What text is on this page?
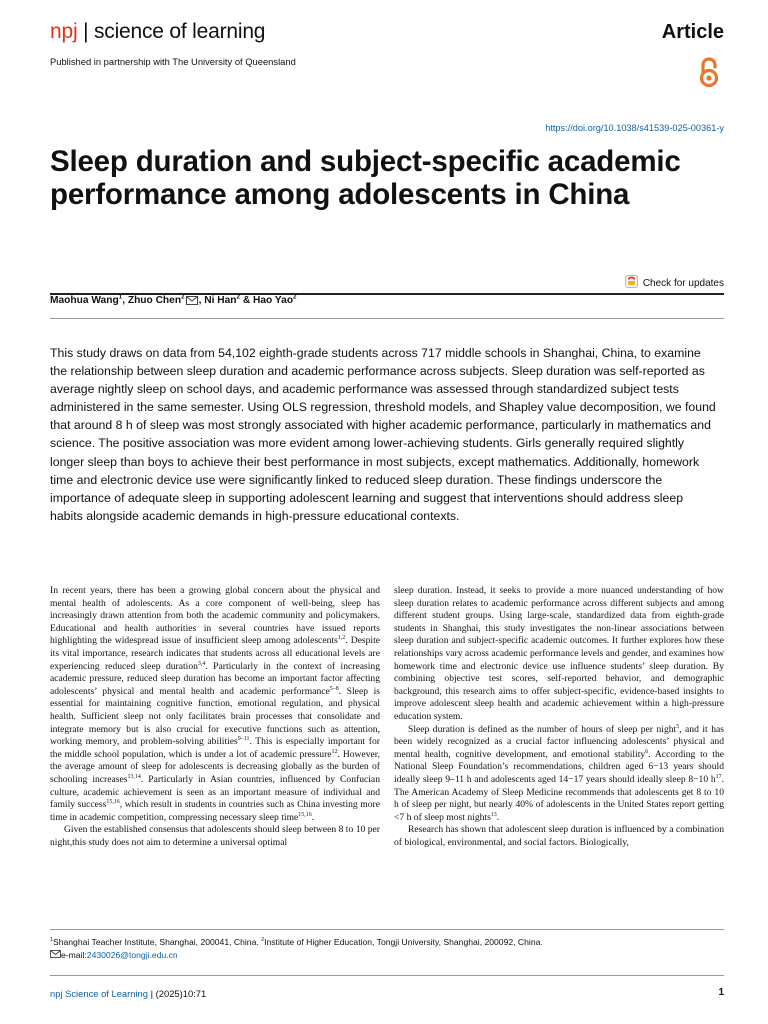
npj | science of learning	Article
Published in partnership with The University of Queensland
https://doi.org/10.1038/s41539-025-00361-y
Sleep duration and subject-specific academic performance among adolescents in China
Check for updates
Maohua Wang$^1$, Zhuo Chen$^2$ , Ni Han$^2$ & Hao Yao$^2$

This study draws on data from 54,102 eighth-grade students across 717 middle schools in Shanghai, China, to examine the relationship between sleep duration and academic performance across subjects. Sleep duration was self-reported as average nightly sleep on school days, and academic performance was assessed through standardized subject tests administered in the same semester. Using OLS regression, threshold models, and Shapley value decomposition, we found that around 8 h of sleep was most strongly associated with higher academic performance, particularly in mathematics and science. The positive association was more evident among lower-achieving students. Girls generally required slightly longer sleep than boys to achieve their best performance in most subjects, except mathematics. Additionally, homework time and electronic device use were significantly linked to reduced sleep duration. These findings underscore the importance of adequate sleep in supporting adolescent learning and suggest that interventions should address sleep habits alongside academic demands in high-pressure educational contexts.

In recent years, there has been a growing global concern about the physical and mental health of adolescents. As a core component of well-being, sleep has increasingly drawn attention from both the academic community and policymakers. Educational and health authorities in several countries have issued reports highlighting the widespread issue of insufficient sleep among adolescents$^{1,2}$. Despite its vital importance, research indicates that students across all educational levels are experiencing reduced sleep duration$^{3,4}$. Particularly in the context of increasing academic pressure, reduced sleep duration has become an important factor affecting adolescents’ physical and mental health and academic performance$^{5-8}$. Sleep is essential for maintaining cognitive function, emotional regulation, and physical health. Sufficient sleep not only facilitates brain processes that consolidate and integrate memory but is also crucial for executive functions such as attention, working memory, and problem-solving abilities$^{9-11}$. This is especially important for the middle school population, which is under a lot of academic pressure$^{12}$. However, the average amount of sleep for adolescents is decreasing globally as the burden of schooling increases$^{13,14}$. Particularly in Asian countries, influenced by Confucian culture, academic achievement is seen as an important measure of individual and family success$^{15,16}$, which result in students in countries such as China investing more time in academic competition, compressing necessary sleep time$^{15,16}$.

Given the established consensus that adolescents should sleep between 8 to 10 per night,this study does not aim to determine a universal optimal

sleep duration. Instead, it seeks to provide a more nuanced understanding of how sleep duration relates to academic performance across different subjects and among different student groups. Using large-scale, standardized data from eighth-grade students in Shanghai, this study investigates the non-linear associations between sleep duration and subject-specific academic outcomes. It further explores how these relationships vary across academic performance levels and gender, and examines how homework time and electronic device use influence students’ sleep duration. By combining objective test scores, self-reported behavior, and demographic background, this research aims to offer subject-specific, evidence-based insights to improve adolescent sleep health and academic achievement within a high-pressure education system.

Sleep duration is defined as the number of hours of sleep per night$^5$, and it has been widely recognized as a crucial factor influencing adolescents’ physical and mental health, cognitive development, and emotional stability$^6$. According to the National Sleep Foundation’s recommendations, children aged 6−13 years should ideally sleep 9–11 h and adolescents aged 14−17 years should ideally sleep 8−10 $h^{17}$. The American Academy of Sleep Medicine recommends that adolescents get 8 to 10 h of sleep per night, but nearly 40% of adolescents in the United States report getting <7 h of sleep most nights$^{13}$.

Research has shown that adolescent sleep duration is influenced by a combination of biological, environmental, and social factors. Biologically,

$^1$Shanghai Teacher Institute, Shanghai, 200041, China. $^2$Institute of Higher Education, Tongji University, Shanghai, 200092, China.
e-mail: 2430026@tongji.edu.cn
npj Science of Learning | (2025)10:71	1
